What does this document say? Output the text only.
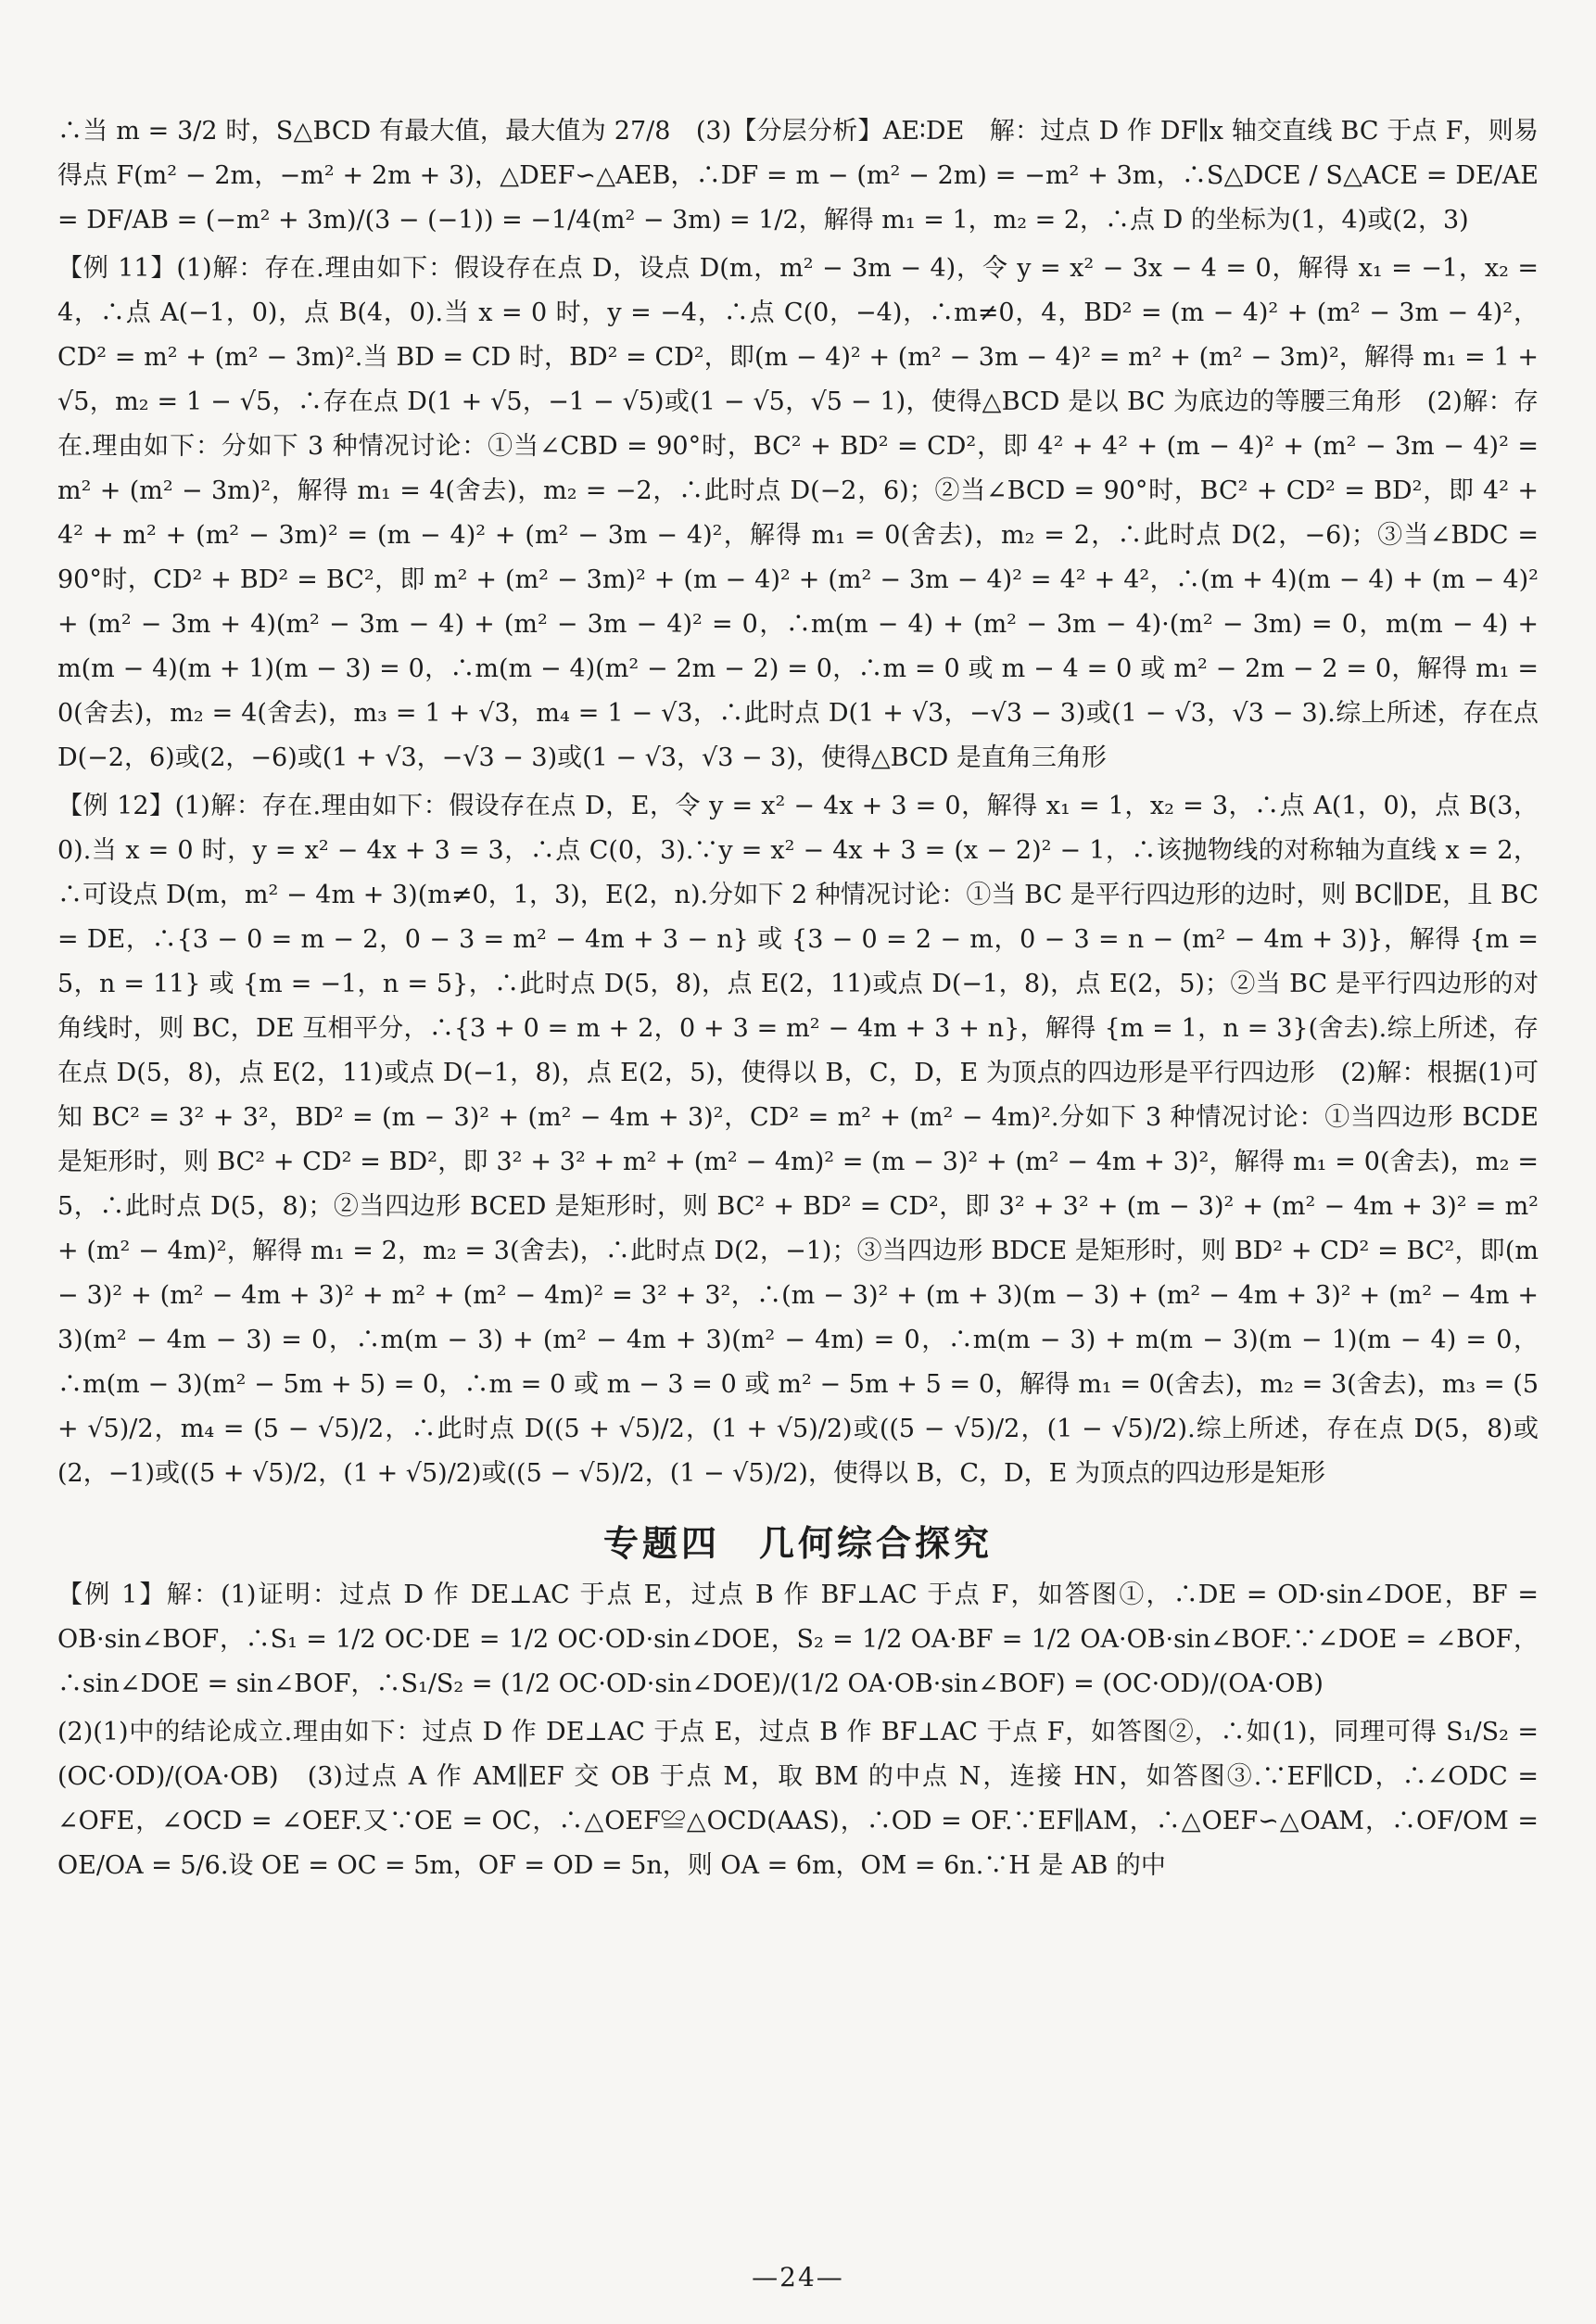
∴当 m = 3/2 时，S△BCD 有最大值，最大值为 27/8　(3)【分层分析】AE∶DE　解：过点 D 作 DF∥x 轴交直线 BC 于点 F，则易得点 F(m² − 2m，−m² + 2m + 3)，△DEF∽△AEB，∴DF = m − (m² − 2m) = −m² + 3m，∴S△DCE / S△ACE = DE/AE = DF/AB = (−m² + 3m)/(3 − (−1)) = −1/4(m² − 3m) = 1/2，解得 m₁ = 1，m₂ = 2，∴点 D 的坐标为(1，4)或(2，3)

【例 11】(1)解：存在.理由如下：假设存在点 D，设点 D(m，m² − 3m − 4)，令 y = x² − 3x − 4 = 0，解得 x₁ = −1，x₂ = 4，∴点 A(−1，0)，点 B(4，0).当 x = 0 时，y = −4，∴点 C(0，−4)，∴m≠0，4，BD² = (m − 4)² + (m² − 3m − 4)²，CD² = m² + (m² − 3m)².当 BD = CD 时，BD² = CD²，即(m − 4)² + (m² − 3m − 4)² = m² + (m² − 3m)²，解得 m₁ = 1 + √5，m₂ = 1 − √5，∴存在点 D(1 + √5，−1 − √5)或(1 − √5，√5 − 1)，使得△BCD 是以 BC 为底边的等腰三角形　(2)解：存在.理由如下：分如下 3 种情况讨论：①当∠CBD = 90°时，BC² + BD² = CD²，即 4² + 4² + (m − 4)² + (m² − 3m − 4)² = m² + (m² − 3m)²，解得 m₁ = 4(舍去)，m₂ = −2，∴此时点 D(−2，6)；②当∠BCD = 90°时，BC² + CD² = BD²，即 4² + 4² + m² + (m² − 3m)² = (m − 4)² + (m² − 3m − 4)²，解得 m₁ = 0(舍去)，m₂ = 2，∴此时点 D(2，−6)；③当∠BDC = 90°时，CD² + BD² = BC²，即 m² + (m² − 3m)² + (m − 4)² + (m² − 3m − 4)² = 4² + 4²，∴(m + 4)(m − 4) + (m − 4)² + (m² − 3m + 4)(m² − 3m − 4) + (m² − 3m − 4)² = 0，∴m(m − 4) + (m² − 3m − 4)·(m² − 3m) = 0，m(m − 4) + m(m − 4)(m + 1)(m − 3) = 0，∴m(m − 4)(m² − 2m − 2) = 0，∴m = 0 或 m − 4 = 0 或 m² − 2m − 2 = 0，解得 m₁ = 0(舍去)，m₂ = 4(舍去)，m₃ = 1 + √3，m₄ = 1 − √3，∴此时点 D(1 + √3，−√3 − 3)或(1 − √3，√3 − 3).综上所述，存在点 D(−2，6)或(2，−6)或(1 + √3，−√3 − 3)或(1 − √3，√3 − 3)，使得△BCD 是直角三角形

【例 12】(1)解：存在.理由如下：假设存在点 D，E，令 y = x² − 4x + 3 = 0，解得 x₁ = 1，x₂ = 3，∴点 A(1，0)，点 B(3，0).当 x = 0 时，y = x² − 4x + 3 = 3，∴点 C(0，3).∵y = x² − 4x + 3 = (x − 2)² − 1，∴该抛物线的对称轴为直线 x = 2，∴可设点 D(m，m² − 4m + 3)(m≠0，1，3)，E(2，n).分如下 2 种情况讨论：①当 BC 是平行四边形的边时，则 BC∥DE，且 BC = DE，∴{3 − 0 = m − 2，0 − 3 = m² − 4m + 3 − n} 或 {3 − 0 = 2 − m，0 − 3 = n − (m² − 4m + 3)}，解得 {m = 5，n = 11} 或 {m = −1，n = 5}，∴此时点 D(5，8)，点 E(2，11)或点 D(−1，8)，点 E(2，5)；②当 BC 是平行四边形的对角线时，则 BC，DE 互相平分，∴{3 + 0 = m + 2，0 + 3 = m² − 4m + 3 + n}，解得 {m = 1，n = 3}(舍去).综上所述，存在点 D(5，8)，点 E(2，11)或点 D(−1，8)，点 E(2，5)，使得以 B，C，D，E 为顶点的四边形是平行四边形　(2)解：根据(1)可知 BC² = 3² + 3²，BD² = (m − 3)² + (m² − 4m + 3)²，CD² = m² + (m² − 4m)².分如下 3 种情况讨论：①当四边形 BCDE 是矩形时，则 BC² + CD² = BD²，即 3² + 3² + m² + (m² − 4m)² = (m − 3)² + (m² − 4m + 3)²，解得 m₁ = 0(舍去)，m₂ = 5，∴此时点 D(5，8)；②当四边形 BCED 是矩形时，则 BC² + BD² = CD²，即 3² + 3² + (m − 3)² + (m² − 4m + 3)² = m² + (m² − 4m)²，解得 m₁ = 2，m₂ = 3(舍去)，∴此时点 D(2，−1)；③当四边形 BDCE 是矩形时，则 BD² + CD² = BC²，即(m − 3)² + (m² − 4m + 3)² + m² + (m² − 4m)² = 3² + 3²，∴(m − 3)² + (m + 3)(m − 3) + (m² − 4m + 3)² + (m² − 4m + 3)(m² − 4m − 3) = 0，∴m(m − 3) + (m² − 4m + 3)(m² − 4m) = 0，∴m(m − 3) + m(m − 3)(m − 1)(m − 4) = 0，∴m(m − 3)(m² − 5m + 5) = 0，∴m = 0 或 m − 3 = 0 或 m² − 5m + 5 = 0，解得 m₁ = 0(舍去)，m₂ = 3(舍去)，m₃ = (5 + √5)/2，m₄ = (5 − √5)/2，∴此时点 D((5 + √5)/2，(1 + √5)/2)或((5 − √5)/2，(1 − √5)/2).综上所述，存在点 D(5，8)或(2，−1)或((5 + √5)/2，(1 + √5)/2)或((5 − √5)/2，(1 − √5)/2)，使得以 B，C，D，E 为顶点的四边形是矩形

专题四　几何综合探究

【例 1】解：(1)证明：过点 D 作 DE⊥AC 于点 E，过点 B 作 BF⊥AC 于点 F，如答图①，∴DE = OD·sin∠DOE，BF = OB·sin∠BOF，∴S₁ = 1/2 OC·DE = 1/2 OC·OD·sin∠DOE，S₂ = 1/2 OA·BF = 1/2 OA·OB·sin∠BOF.∵∠DOE = ∠BOF，∴sin∠DOE = sin∠BOF，∴S₁/S₂ = (1/2 OC·OD·sin∠DOE)/(1/2 OA·OB·sin∠BOF) = (OC·OD)/(OA·OB)

(2)(1)中的结论成立.理由如下：过点 D 作 DE⊥AC 于点 E，过点 B 作 BF⊥AC 于点 F，如答图②，∴如(1)，同理可得 S₁/S₂ = (OC·OD)/(OA·OB)　(3)过点 A 作 AM∥EF 交 OB 于点 M，取 BM 的中点 N，连接 HN，如答图③.∵EF∥CD，∴∠ODC = ∠OFE，∠OCD = ∠OEF.又∵OE = OC，∴△OEF≌△OCD(AAS)，∴OD = OF.∵EF∥AM，∴△OEF∽△OAM，∴OF/OM = OE/OA = 5/6.设 OE = OC = 5m，OF = OD = 5n，则 OA = 6m，OM = 6n.∵H 是 AB 的中

—24—
